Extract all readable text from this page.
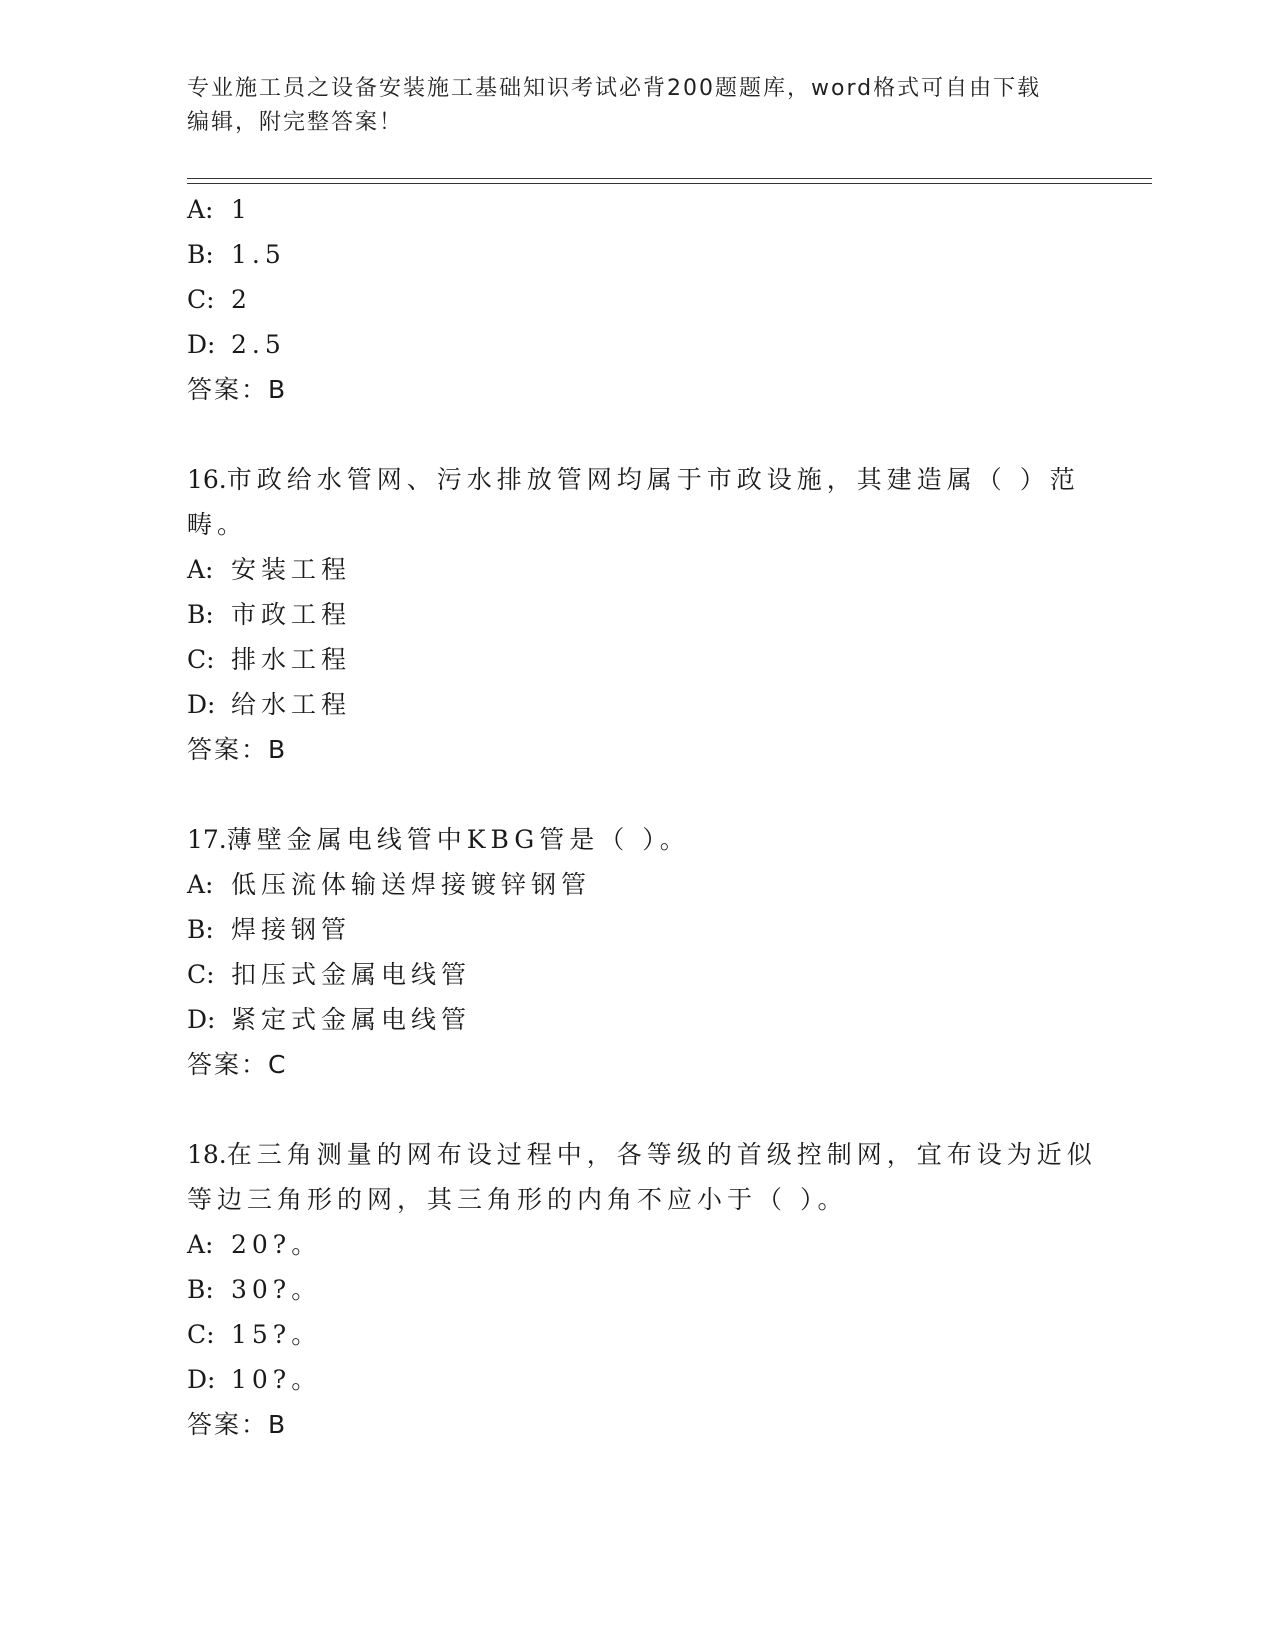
专业施工员之设备安装施工基础知识考试必背200题题库，word格式可自由下载
编辑，附完整答案！
A: 1
B: 1.5
C: 2
D: 2.5
答案：B
16.市政给水管网、污水排放管网均属于市政设施，其建造属（ ）范
畴。
A: 安装工程
B: 市政工程
C: 排水工程
D: 给水工程
答案：B
17.薄壁金属电线管中KBG管是（ ）。
A: 低压流体输送焊接镀锌钢管
B: 焊接钢管
C: 扣压式金属电线管
D: 紧定式金属电线管
答案：C
18.在三角测量的网布设过程中，各等级的首级控制网，宜布设为近似
等边三角形的网，其三角形的内角不应小于（ ）。
A: 20?。
B: 30?。
C: 15?。
D: 10?。
答案：B
